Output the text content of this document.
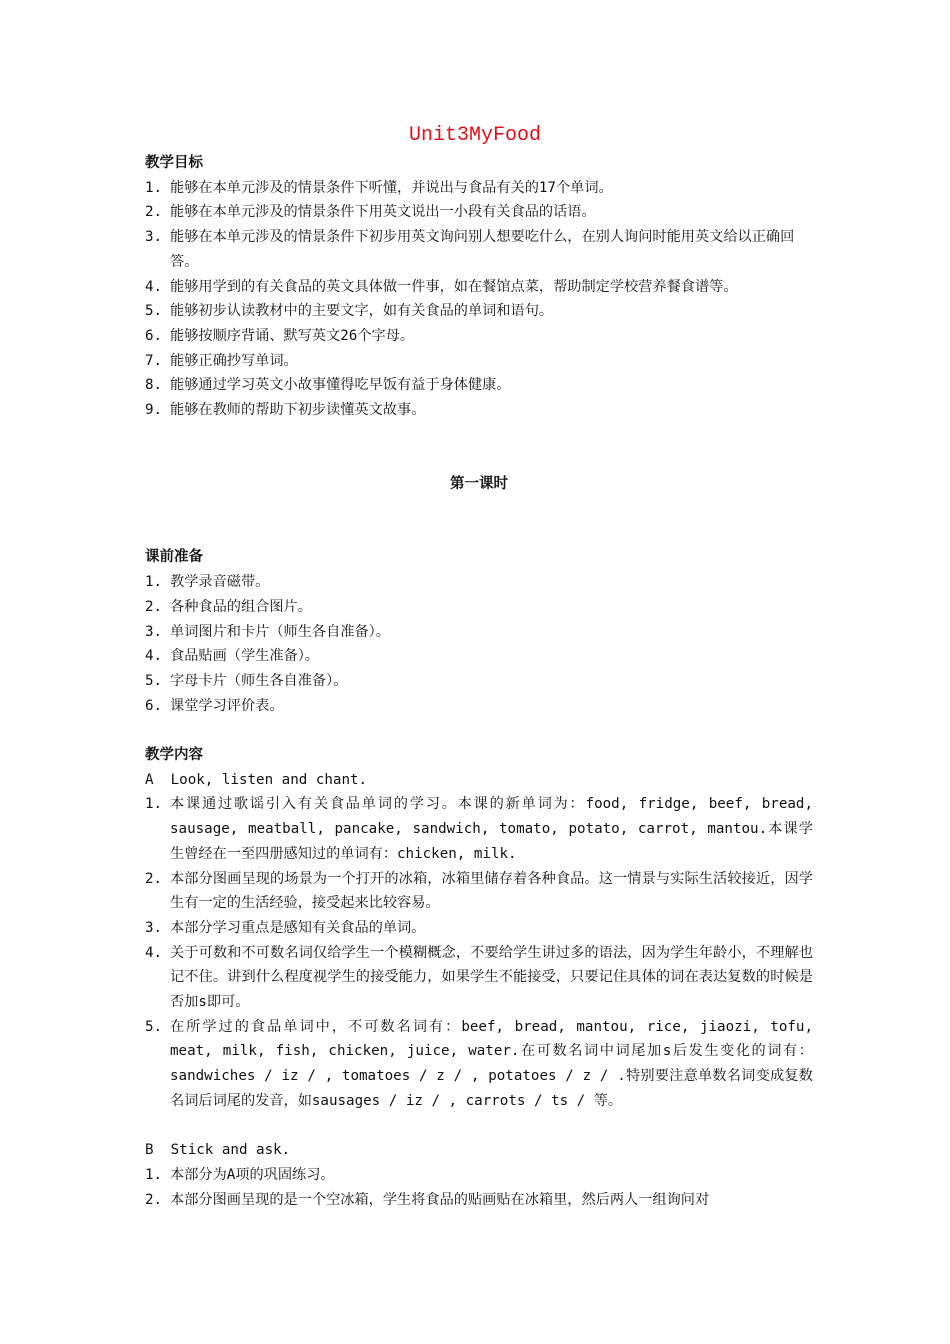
Unit3MyFood
教学目标
1. 能够在本单元涉及的情景条件下听懂，并说出与食品有关的17个单词。
2. 能够在本单元涉及的情景条件下用英文说出一小段有关食品的话语。
3. 能够在本单元涉及的情景条件下初步用英文询问别人想要吃什么，在别人询问时能用英文给以正确回答。
4. 能够用学到的有关食品的英文具体做一件事，如在餐馆点菜，帮助制定学校营养餐食谱等。
5. 能够初步认读教材中的主要文字，如有关食品的单词和语句。
6. 能够按顺序背诵、默写英文26个字母。
7. 能够正确抄写单词。
8. 能够通过学习英文小故事懂得吃早饭有益于身体健康。
9. 能够在教师的帮助下初步读懂英文故事。
第一课时
课前准备
1. 教学录音磁带。
2. 各种食品的组合图片。
3. 单词图片和卡片（师生各自准备）。
4. 食品贴画（学生准备）。
5. 字母卡片（师生各自准备）。
6. 课堂学习评价表。
教学内容
A  Look, listen and chant.
1. 本课通过歌谣引入有关食品单词的学习。本课的新单词为：food, fridge, beef, bread, sausage, meatball, pancake, sandwich, tomato, potato, carrot, mantou.本课学生曾经在一至四册感知过的单词有：chicken, milk.
2. 本部分图画呈现的场景为一个打开的冰箱，冰箱里储存着各种食品。这一情景与实际生活较接近，因学生有一定的生活经验，接受起来比较容易。
3. 本部分学习重点是感知有关食品的单词。
4. 关于可数和不可数名词仅给学生一个模糊概念，不要给学生讲过多的语法，因为学生年龄小，不理解也记不住。讲到什么程度视学生的接受能力，如果学生不能接受，只要记住具体的词在表达复数的时候是否加s即可。
5. 在所学过的食品单词中，不可数名词有：beef, bread, mantou, rice, jiaozi, tofu, meat, milk, fish, chicken, juice, water.在可数名词中词尾加s后发生变化的词有：sandwiches / iz / , tomatoes / z / , potatoes / z / .特别要注意单数名词变成复数名词后词尾的发音，如sausages / iz / , carrots / ts / 等。
B  Stick and ask.
1. 本部分为A项的巩固练习。
2. 本部分图画呈现的是一个空冰箱，学生将食品的贴画贴在冰箱里，然后两人一组询问对
